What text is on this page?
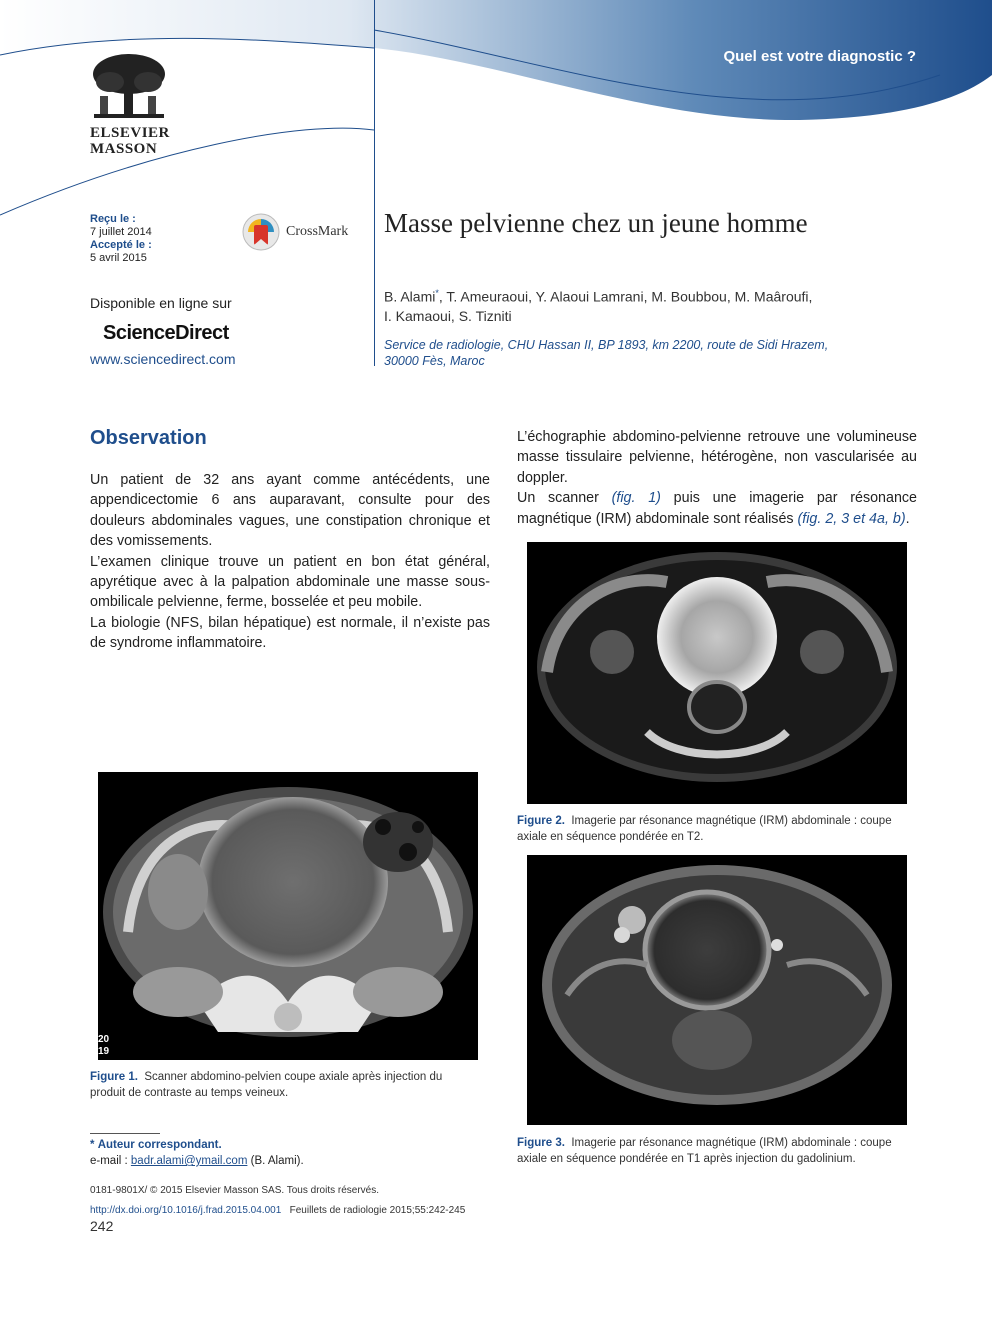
Quel est votre diagnostic ?
ELSEVIER
MASSON
Reçu le :
7 juillet 2014
Accepté le :
5 avril 2015
CrossMark Masse pelvienne chez un jeune homme
B. Alami*, T. Ameuraoui, Y. Alaoui Lamrani, M. Boubbou, M. Maâroufi,
I. Kamaoui, S. Tizniti
Service de radiologie, CHU Hassan II, BP 1893, km 2200, route de Sidi Hrazem,
30000 Fès, Maroc
Disponible en ligne sur
ScienceDirect
www.sciencedirect.com
Observation

Un patient de 32 ans ayant comme antécédents, une appendicectomie 6 ans auparavant, consulte pour des douleurs abdominales vagues, une constipation chronique et des vomissements.

L’examen clinique trouve un patient en bon état général, apyrétique avec à la palpation abdominale une masse sous-ombilicale pelvienne, ferme, bosselée et peu mobile.

La biologie (NFS, bilan hépatique) est normale, il n’existe pas de syndrome inflammatoire.

L’échographie abdomino-pelvienne retrouve une volumineuse masse tissulaire pelvienne, hétérogène, non vascularisée au doppler.

Un scanner (fig. 1) puis une imagerie par résonance magnétique (IRM) abdominale sont réalisés (fig. 2, 3 et 4a, b).

20
19
Figure 1. Scanner abdomino-pelvien coupe axiale après injection du produit de contraste au temps veineux.
Figure 2. Imagerie par résonance magnétique (IRM) abdominale : coupe axiale en séquence pondérée en T2.
Figure 3. Imagerie par résonance magnétique (IRM) abdominale : coupe axiale en séquence pondérée en T1 après injection du gadolinium.
* Auteur correspondant.
e-mail : badr.alami@ymail.com (B. Alami).
0181-9801X/ © 2015 Elsevier Masson SAS. Tous droits réservés.
http://dx.doi.org/10.1016/j.frad.2015.04.001 Feuillets de radiologie 2015;55:242-245
242
